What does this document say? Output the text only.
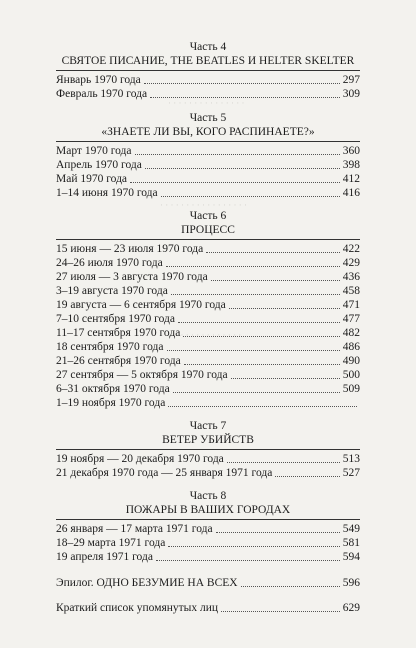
· · · · · · · · · · · · · · ·
· · · · · · · · · · · · · · · · ·
· · · · · · · · · · · · · ·
Часть 4
СВЯТОЕ ПИСАНИЕ, THE BEATLES И HELTER SKELTER
Январь 1970 года	297
Февраль 1970 года	309
Часть 5
«ЗНАЕТЕ ЛИ ВЫ, КОГО РАСПИНАЕТЕ?»
Март 1970 года	360
Апрель 1970 года	398
Май 1970 года	412
1–14 июня 1970 года	416
Часть 6
ПРОЦЕСС
15 июня — 23 июля 1970 года	422
24–26 июля 1970 года	429
27 июля — 3 августа 1970 года	436
3–19 августа 1970 года	458
19 августа — 6 сентября 1970 года	471
7–10 сентября 1970 года	477
11–17 сентября 1970 года	482
18 сентября 1970 года	486
21–26 сентября 1970 года	490
27 сентября — 5 октября 1970 года	500
6–31 октября 1970 года	509
1–19 ноября 1970 года
Часть 7
ВЕТЕР УБИЙСТВ
19 ноября — 20 декабря 1970 года	513
21 декабря 1970 года — 25 января 1971 года	527
Часть 8
ПОЖАРЫ В ВАШИХ ГОРОДАХ
26 января — 17 марта 1971 года	549
18–29 марта 1971 года	581
19 апреля 1971 года	594
Эпилог. ОДНО БЕЗУМИЕ НА ВСЕХ	596
Краткий список упомянутых лиц	629
